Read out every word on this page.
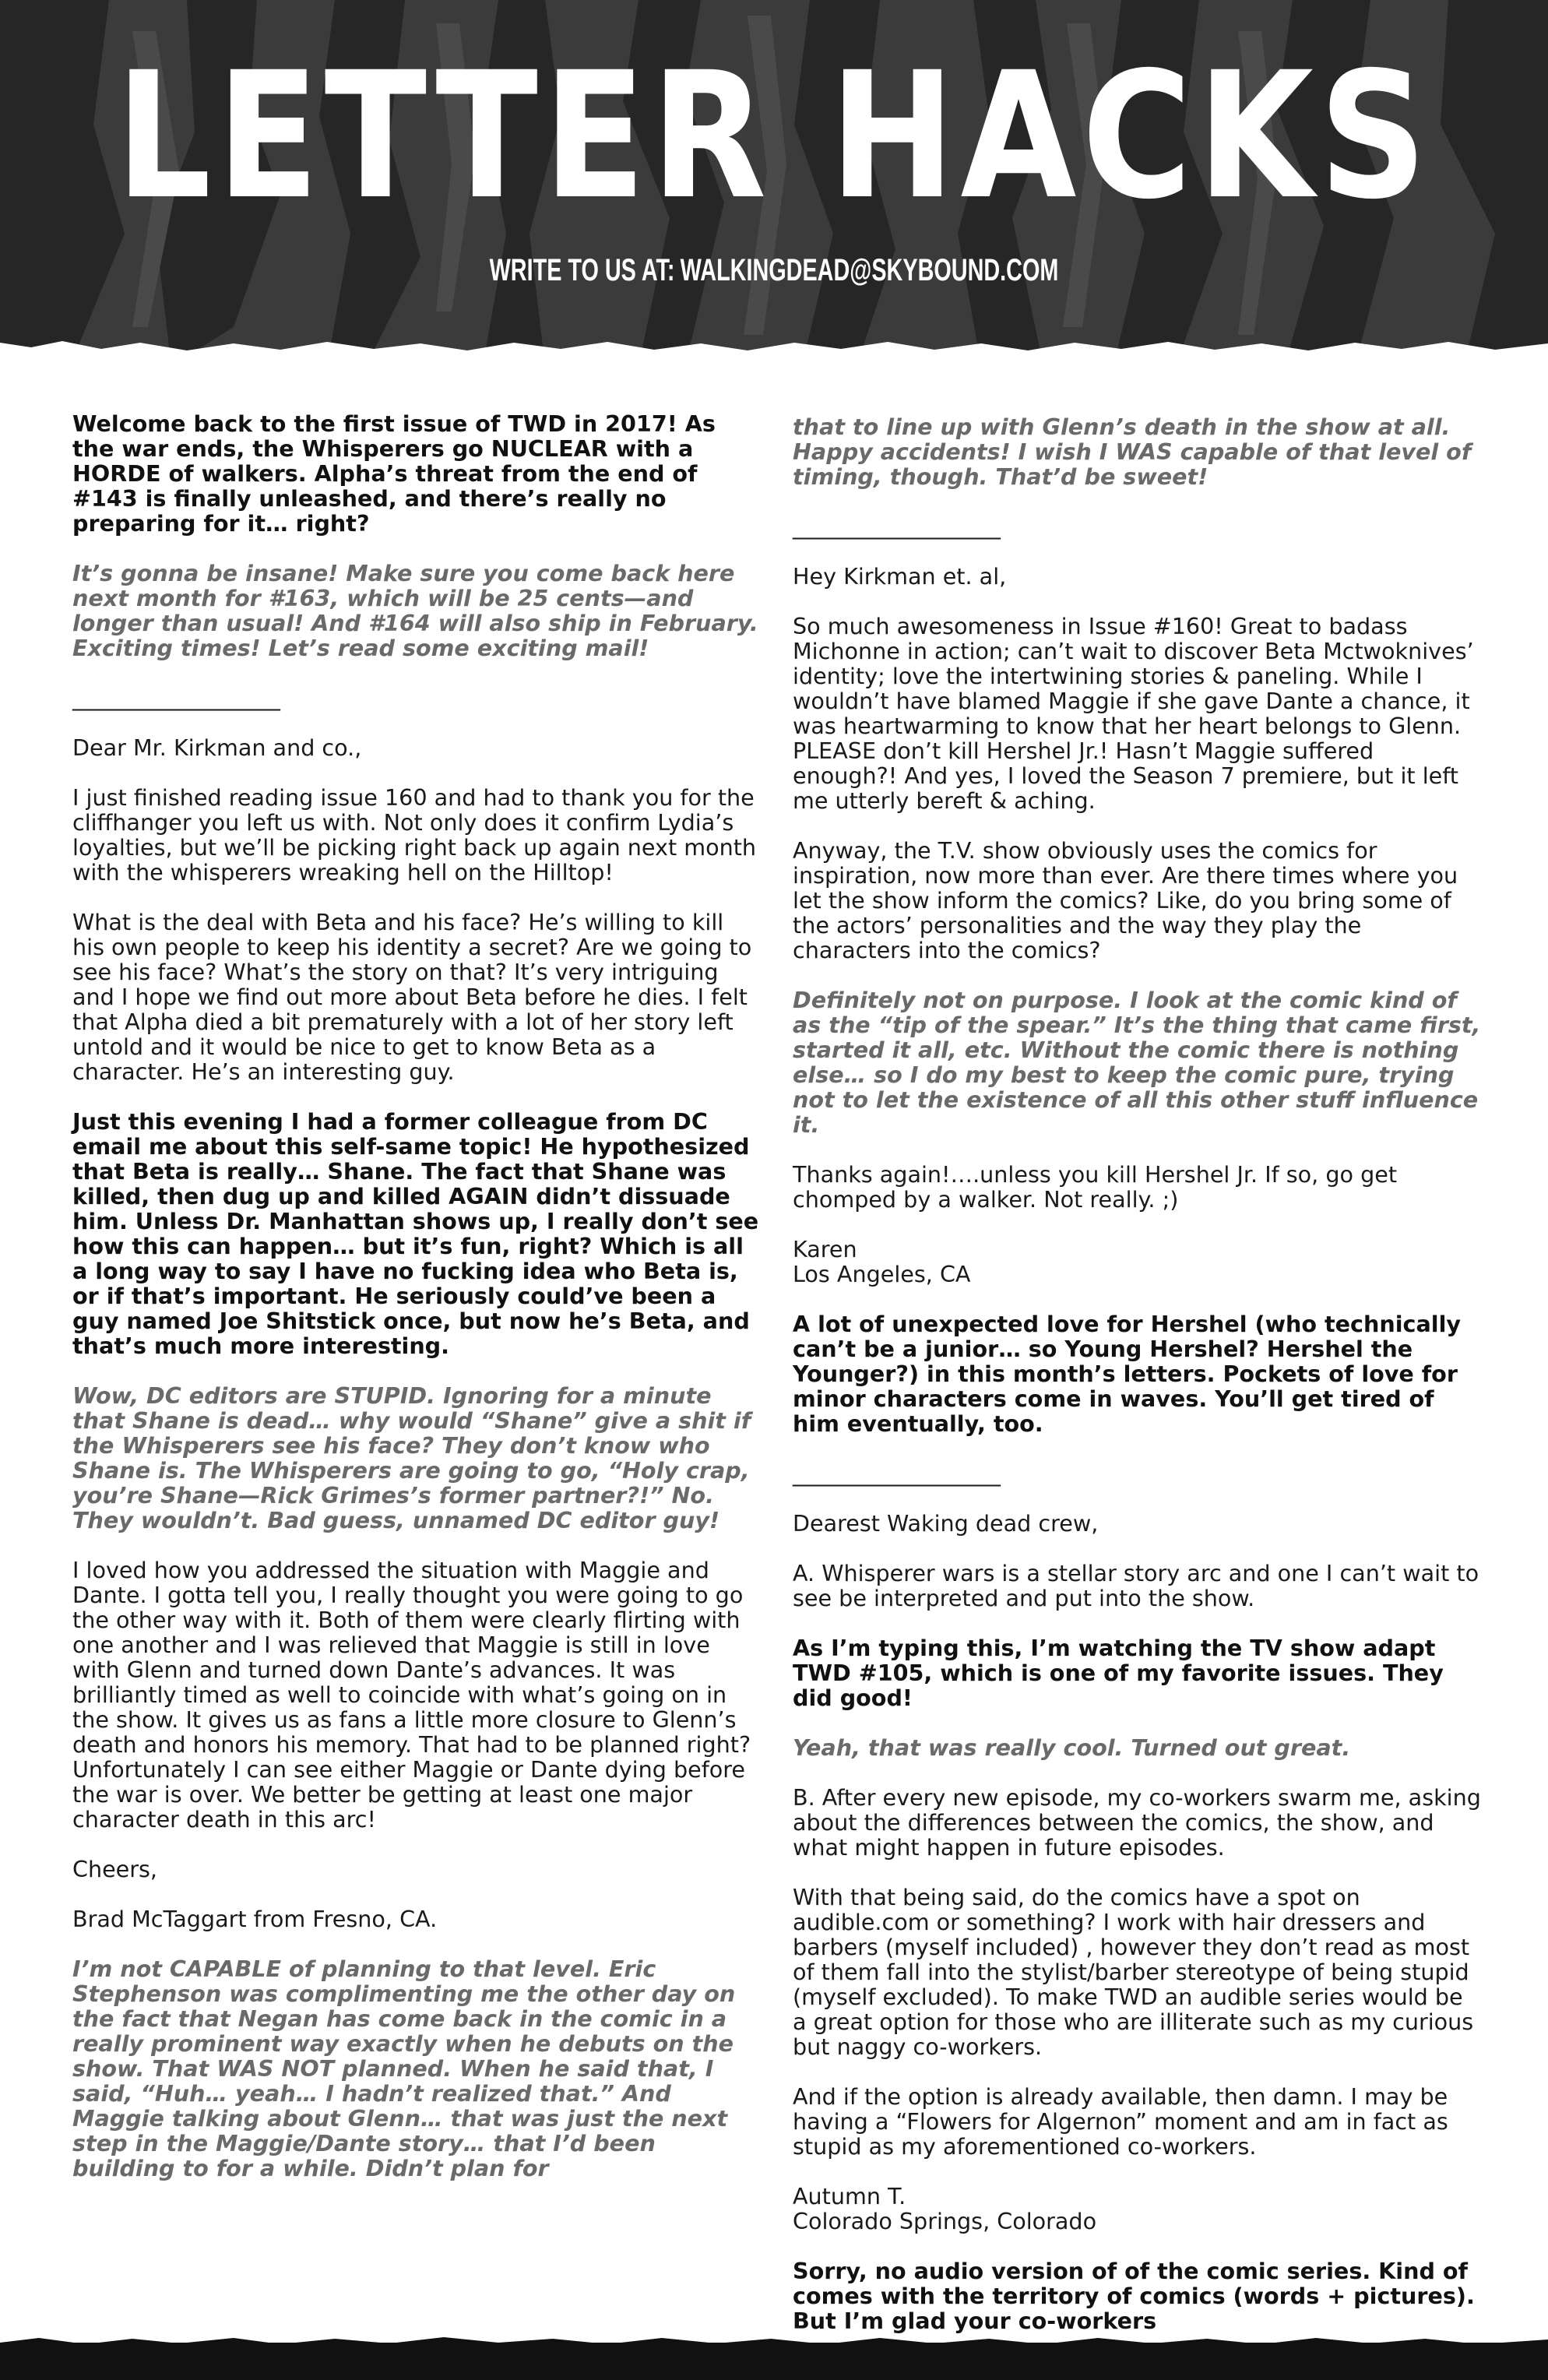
LETTER HACKS
WRITE TO US AT: WALKINGDEAD@SKYBOUND.COM

Welcome back to the first issue of TWD in 2017! As the war ends, the Whisperers go NUCLEAR with a HORDE of walkers. Alpha’s threat from the end of #143 is finally unleashed, and there’s really no preparing for it… right?

It’s gonna be insane! Make sure you come back here next month for #163, which will be 25 cents—and longer than usual! And #164 will also ship in February. Exciting times! Let’s read some exciting mail!

____________________

Dear Mr. Kirkman and co.,

I just finished reading issue 160 and had to thank you for the cliffhanger you left us with. Not only does it confirm Lydia’s loyalties, but we’ll be picking right back up again next month with the whisperers wreaking hell on the Hilltop!

What is the deal with Beta and his face? He’s willing to kill his own people to keep his identity a secret? Are we going to see his face? What’s the story on that? It’s very intriguing and I hope we find out more about Beta before he dies. I felt that Alpha died a bit prematurely with a lot of her story left untold and it would be nice to get to know Beta as a character. He’s an interesting guy.

Just this evening I had a former colleague from DC email me about this self-same topic! He hypothesized that Beta is really… Shane. The fact that Shane was killed, then dug up and killed AGAIN didn’t dissuade him. Unless Dr. Manhattan shows up, I really don’t see how this can happen… but it’s fun, right? Which is all a long way to say I have no fucking idea who Beta is, or if that’s important. He seriously could’ve been a guy named Joe Shitstick once, but now he’s Beta, and that’s much more interesting.

Wow, DC editors are STUPID. Ignoring for a minute that Shane is dead… why would “Shane” give a shit if the Whisperers see his face? They don’t know who Shane is. The Whisperers are going to go, “Holy crap, you’re Shane—Rick Grimes’s former partner?!” No. They wouldn’t. Bad guess, unnamed DC editor guy!

I loved how you addressed the situation with Maggie and Dante. I gotta tell you, I really thought you were going to go the other way with it. Both of them were clearly flirting with one another and I was relieved that Maggie is still in love with Glenn and turned down Dante’s advances. It was brilliantly timed as well to coincide with what’s going on in the show. It gives us as fans a little more closure to Glenn’s death and honors his memory. That had to be planned right? Unfortunately I can see either Maggie or Dante dying before the war is over. We better be getting at least one major character death in this arc!

Cheers,

Brad McTaggart from Fresno, CA.

I’m not CAPABLE of planning to that level. Eric Stephenson was complimenting me the other day on the fact that Negan has come back in the comic in a really prominent way exactly when he debuts on the show. That WAS NOT planned. When he said that, I said, “Huh… yeah… I hadn’t realized that.” And Maggie talking about Glenn… that was just the next step in the Maggie/Dante story… that I’d been building to for a while. Didn’t plan for

that to line up with Glenn’s death in the show at all. Happy accidents! I wish I WAS capable of that level of timing, though. That’d be sweet!

____________________

Hey Kirkman et. al,

So much awesomeness in Issue #160! Great to badass Michonne in action; can’t wait to discover Beta Mctwoknives’ identity; love the intertwining stories & paneling. While I wouldn’t have blamed Maggie if she gave Dante a chance, it was heartwarming to know that her heart belongs to Glenn. PLEASE don’t kill Hershel Jr.! Hasn’t Maggie suffered enough?! And yes, I loved the Season 7 premiere, but it left me utterly bereft & aching.

Anyway, the T.V. show obviously uses the comics for inspiration, now more than ever. Are there times where you let the show inform the comics? Like, do you bring some of the actors’ personalities and the way they play the characters into the comics?

Definitely not on purpose. I look at the comic kind of as the “tip of the spear.” It’s the thing that came first, started it all, etc. Without the comic there is nothing else… so I do my best to keep the comic pure, trying not to let the existence of all this other stuff influence it.

Thanks again!….unless you kill Hershel Jr. If so, go get chomped by a walker. Not really. ;)

Karen
Los Angeles, CA

A lot of unexpected love for Hershel (who technically can’t be a junior… so Young Hershel? Hershel the Younger?) in this month’s letters. Pockets of love for minor characters come in waves. You’ll get tired of him eventually, too.

____________________

Dearest Waking dead crew,

A. Whisperer wars is a stellar story arc and one I can’t wait to see be interpreted and put into the show.

As I’m typing this, I’m watching the TV show adapt TWD #105, which is one of my favorite issues. They did good!

Yeah, that was really cool. Turned out great.

B. After every new episode, my co-workers swarm me, asking about the differences between the comics, the show, and what might happen in future episodes.

With that being said, do the comics have a spot on audible.com or something? I work with hair dressers and barbers (myself included) , however they don’t read as most of them fall into the stylist/barber stereotype of being stupid (myself excluded). To make TWD an audible series would be a great option for those who are illiterate such as my curious but naggy co-workers.

And if the option is already available, then damn. I may be having a “Flowers for Algernon” moment and am in fact as stupid as my aforementioned co-workers.

Autumn T.
Colorado Springs, Colorado

Sorry, no audio version of of the comic series. Kind of comes with the territory of comics (words + pictures). But I’m glad your co-workers
